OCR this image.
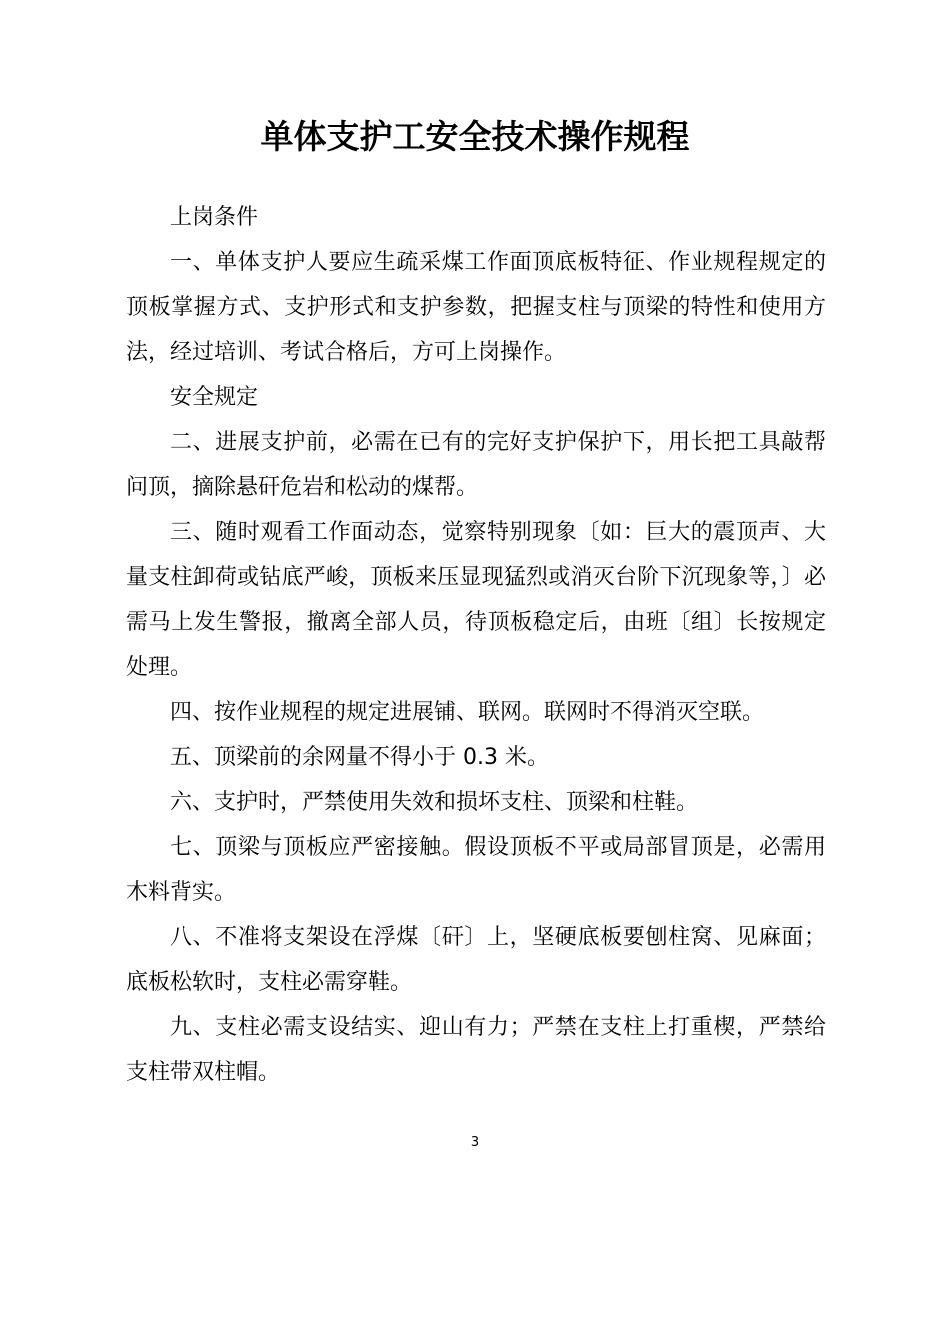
单体支护工安全技术操作规程

上岗条件

一、单体支护人要应生疏采煤工作面顶底板特征、作业规程规定的顶板掌握方式、支护形式和支护参数，把握支柱与顶梁的特性和使用方法，经过培训、考试合格后，方可上岗操作。

安全规定

二、进展支护前，必需在已有的完好支护保护下，用长把工具敲帮问顶，摘除悬矸危岩和松动的煤帮。

三、随时观看工作面动态，觉察特别现象〔如：巨大的震顶声、大量支柱卸荷或钻底严峻，顶板来压显现猛烈或消灭台阶下沉现象等，〕必需马上发生警报，撤离全部人员，待顶板稳定后，由班〔组〕长按规定处理。

四、按作业规程的规定进展铺、联网。联网时不得消灭空联。

五、顶梁前的余网量不得小于 0.3 米。

六、支护时，严禁使用失效和损坏支柱、顶梁和柱鞋。

七、顶梁与顶板应严密接触。假设顶板不平或局部冒顶是，必需用木料背实。

八、不准将支架设在浮煤〔矸〕上，坚硬底板要刨柱窝、见麻面；底板松软时，支柱必需穿鞋。

九、支柱必需支设结实、迎山有力；严禁在支柱上打重楔，严禁给支柱带双柱帽。

3
